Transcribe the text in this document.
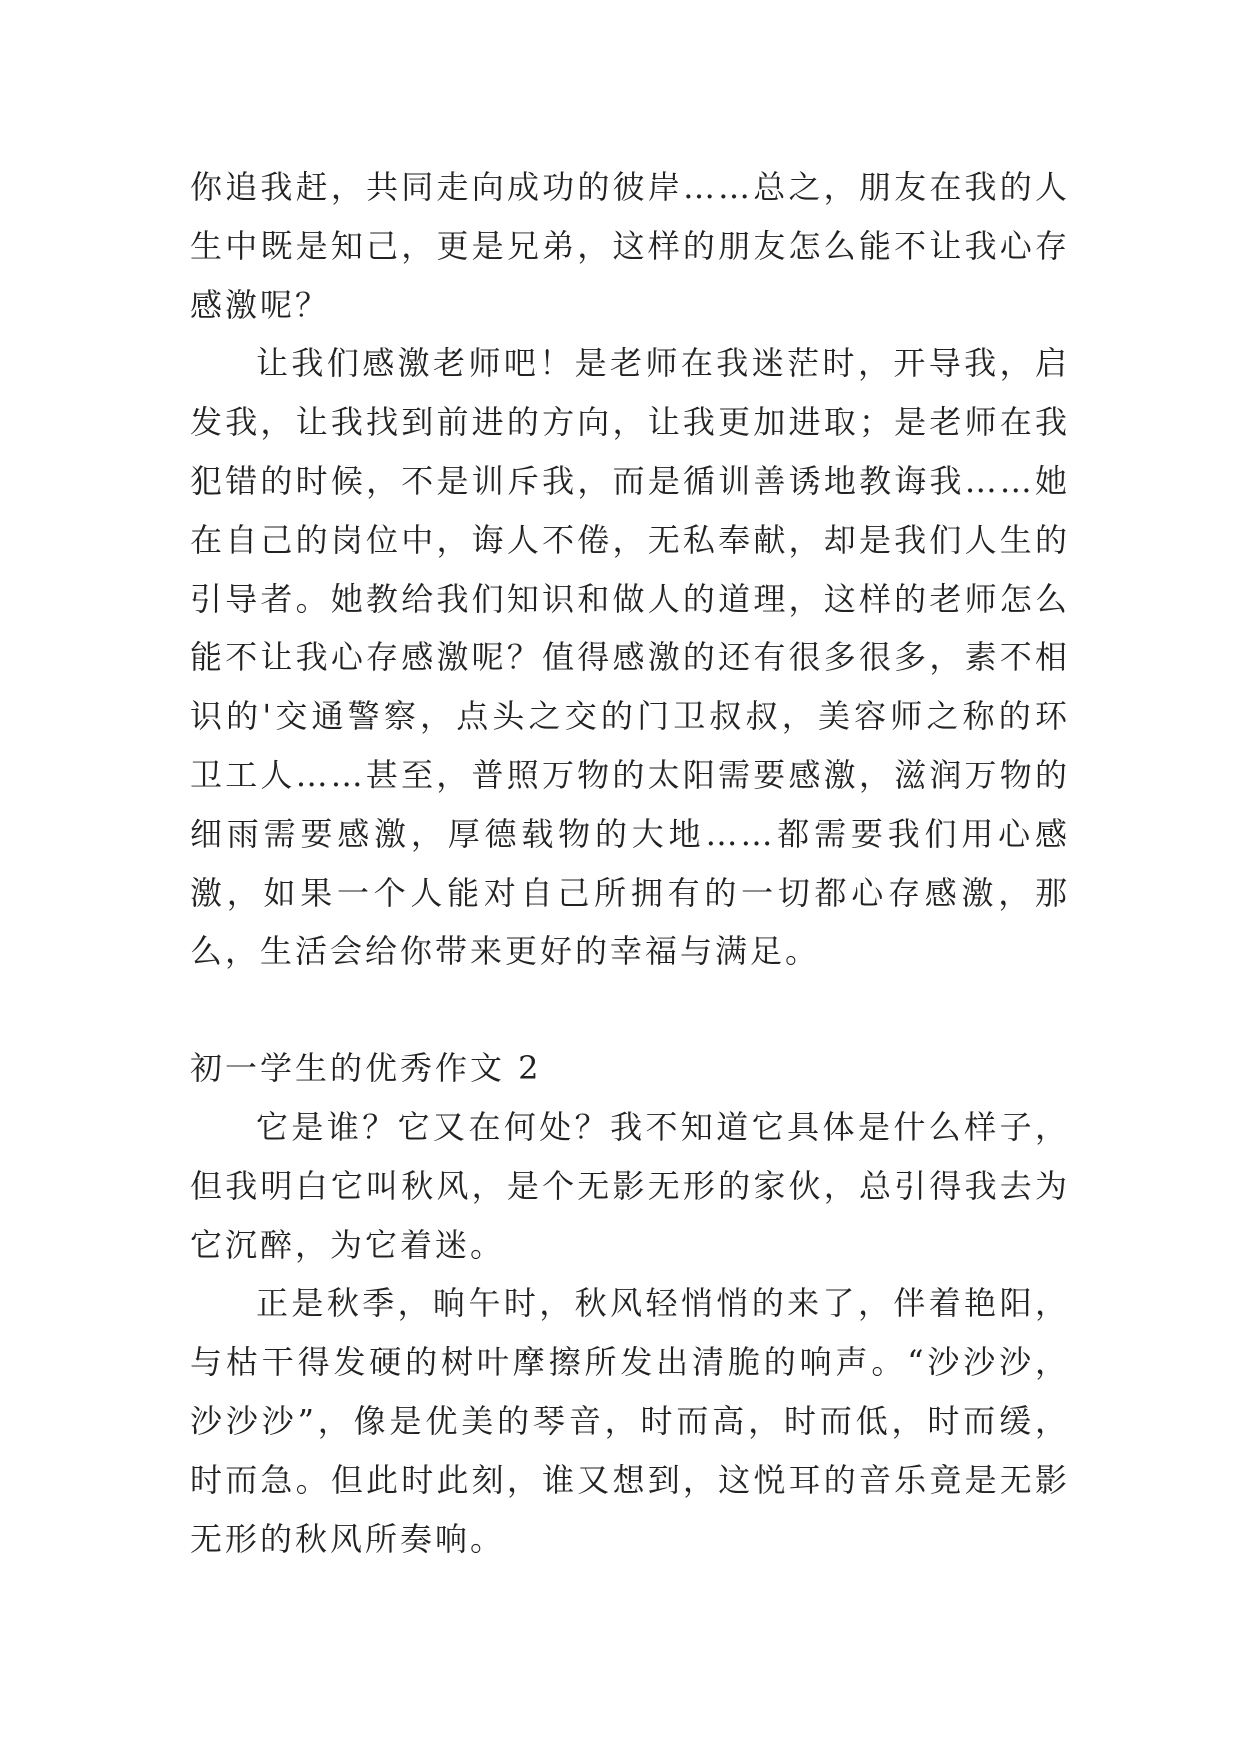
你追我赶，共同走向成功的彼岸……总之，朋友在我的人生中既是知己，更是兄弟，这样的朋友怎么能不让我心存感激呢？

让我们感激老师吧！是老师在我迷茫时，开导我，启发我，让我找到前进的方向，让我更加进取；是老师在我犯错的时候，不是训斥我，而是循训善诱地教诲我……她在自己的岗位中，诲人不倦，无私奉献，却是我们人生的引导者。她教给我们知识和做人的道理，这样的老师怎么能不让我心存感激呢？值得感激的还有很多很多，素不相识的'交通警察，点头之交的门卫叔叔，美容师之称的环卫工人……甚至，普照万物的太阳需要感激，滋润万物的细雨需要感激，厚德载物的大地……都需要我们用心感激，如果一个人能对自己所拥有的一切都心存感激，那么，生活会给你带来更好的幸福与满足。

初一学生的优秀作文 2

它是谁？它又在何处？我不知道它具体是什么样子，但我明白它叫秋风，是个无影无形的家伙，总引得我去为它沉醉，为它着迷。

正是秋季，晌午时，秋风轻悄悄的来了，伴着艳阳，与枯干得发硬的树叶摩擦所发出清脆的响声。“沙沙沙，沙沙沙”，像是优美的琴音，时而高，时而低，时而缓，时而急。但此时此刻，谁又想到，这悦耳的音乐竟是无影无形的秋风所奏响。
